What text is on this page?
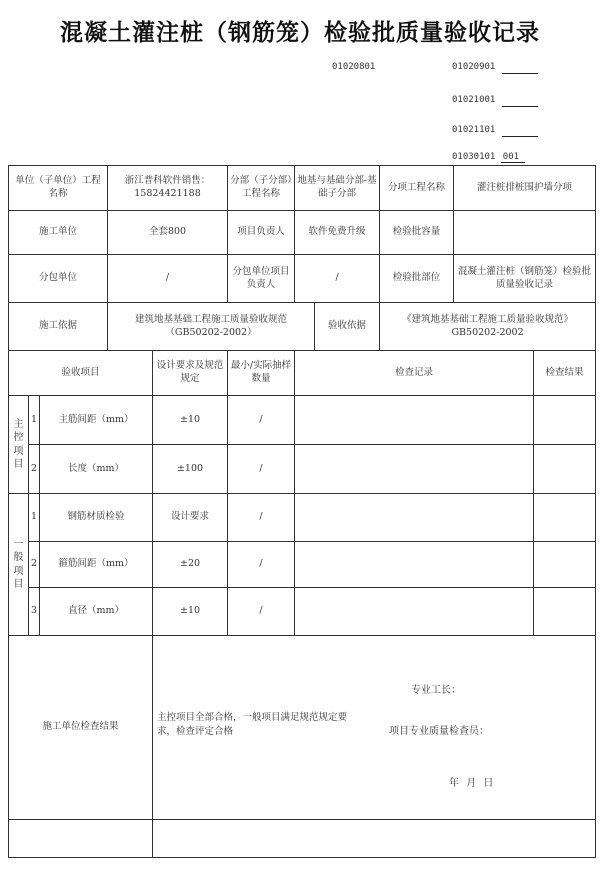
混凝土灌注桩（钢筋笼）检验批质量验收记录
01020801	01020901
01021001
01021101
01030101 001
单位（子单位）工程名称			浙江普科软件销售：15824421188		分部（子分部）工程名称	地基与基础分部-基础子分部		分项工程名称	灌注桩排桩围护墙分项	
施工单位			全套800		项目负责人	软件免费升级		检验批容量		
分包单位			/		分包单位项目负责人	/		检验批部位	混凝土灌注桩（钢筋笼）检验批质量验收记录	
施工依据			建筑地基基础工程施工质量验收规范（GB50202-2002）				验收依据	《建筑地基基础工程施工质量验收规范》GB50202-2002		
验收项目				设计要求及规范规定	最小/实际抽样数量	检查记录				检查结果

主
控
项
目	1	主筋间距（mm）		±10	/					
	2	长度（mm）		±100	/					

一
般
项
目	1	钢筋材质检验		设计要求	/					
	2	箍筋间距（mm）		±20	/					
	3	直径（mm）		±10	/					
施工单位检查结果				主控项目全部合格，一般项目满足规范规定要求，检查评定合格
专业工长：
项目专业质量检查员：
年 月 日						
